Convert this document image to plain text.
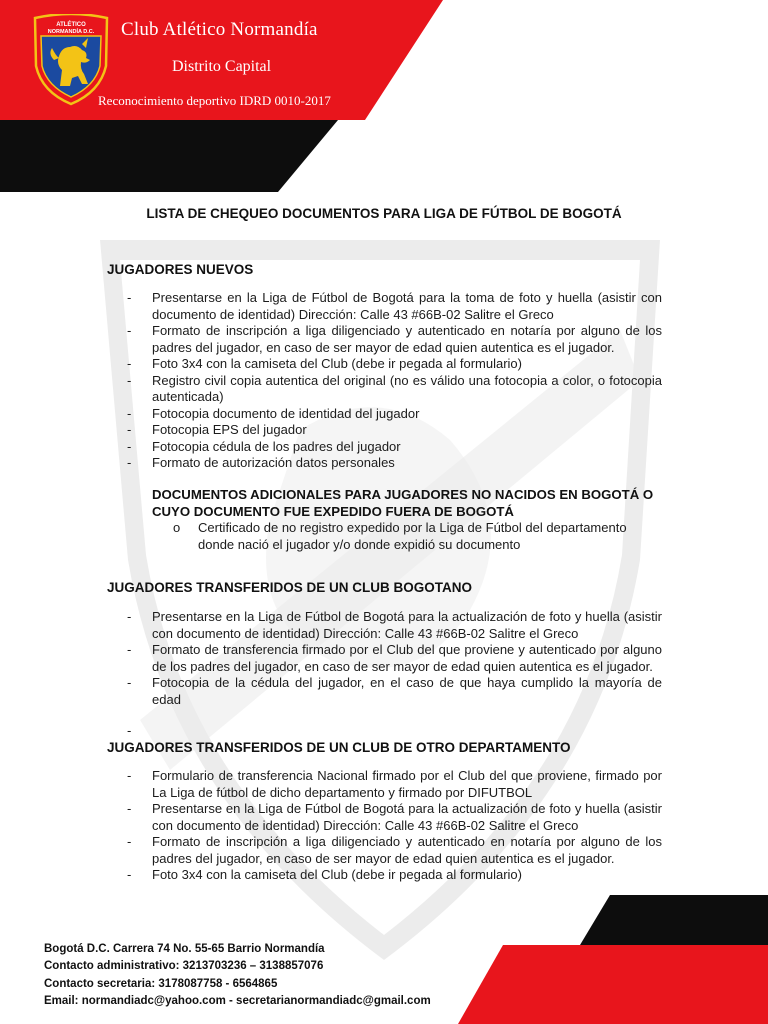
ATLÉTICO
NORMANDÍA D.C. Club Atlético Normandía
Distrito Capital
Reconocimiento deportivo IDRD 0010-2017
LISTA DE CHEQUEO DOCUMENTOS PARA LIGA DE FÚTBOL DE BOGOTÁ
JUGADORES NUEVOS
-	Presentarse en la Liga de Fútbol de Bogotá para la toma de foto y huella (asistir con documento de identidad) Dirección: Calle 43 #66B-02 Salitre el Greco
-	Formato de inscripción a liga diligenciado y autenticado en notaría por alguno de los padres del jugador, en caso de ser mayor de edad quien autentica es el jugador.
-	Foto 3x4 con la camiseta del Club (debe ir pegada al formulario)
-	Registro civil copia autentica del original (no es válido una fotocopia a color, o fotocopia autenticada)
-	Fotocopia documento de identidad del jugador
-	Fotocopia EPS del jugador
-	Fotocopia cédula de los padres del jugador
-	Formato de autorización datos personales
DOCUMENTOS ADICIONALES PARA JUGADORES NO NACIDOS EN BOGOTÁ O CUYO DOCUMENTO FUE EXPEDIDO FUERA DE BOGOTÁ
o Certificado de no registro expedido por la Liga de Fútbol del departamento donde nació el jugador y/o donde expidió su documento
JUGADORES TRANSFERIDOS DE UN CLUB BOGOTANO
-	Presentarse en la Liga de Fútbol de Bogotá para la actualización de foto y huella (asistir con documento de identidad) Dirección: Calle 43 #66B-02 Salitre el Greco
-	Formato de transferencia firmado por el Club del que proviene y autenticado por alguno de los padres del jugador, en caso de ser mayor de edad quien autentica es el jugador.
-	Fotocopia de la cédula del jugador, en el caso de que haya cumplido la mayoría de edad
-
JUGADORES TRANSFERIDOS DE UN CLUB DE OTRO DEPARTAMENTO
-	Formulario de transferencia Nacional firmado por el Club del que proviene, firmado por La Liga de fútbol de dicho departamento y firmado por DIFUTBOL
-	Presentarse en la Liga de Fútbol de Bogotá para la actualización de foto y huella (asistir con documento de identidad) Dirección: Calle 43 #66B-02 Salitre el Greco
-	Formato de inscripción a liga diligenciado y autenticado en notaría por alguno de los padres del jugador, en caso de ser mayor de edad quien autentica es el jugador.
-	Foto 3x4 con la camiseta del Club (debe ir pegada al formulario)
Bogotá D.C. Carrera 74 No. 55-65 Barrio Normandía
Contacto administrativo: 3213703236 – 3138857076
Contacto secretaria: 3178087758 - 6564865
Email: normandiadc@yahoo.com - secretarianormandiadc@gmail.com
